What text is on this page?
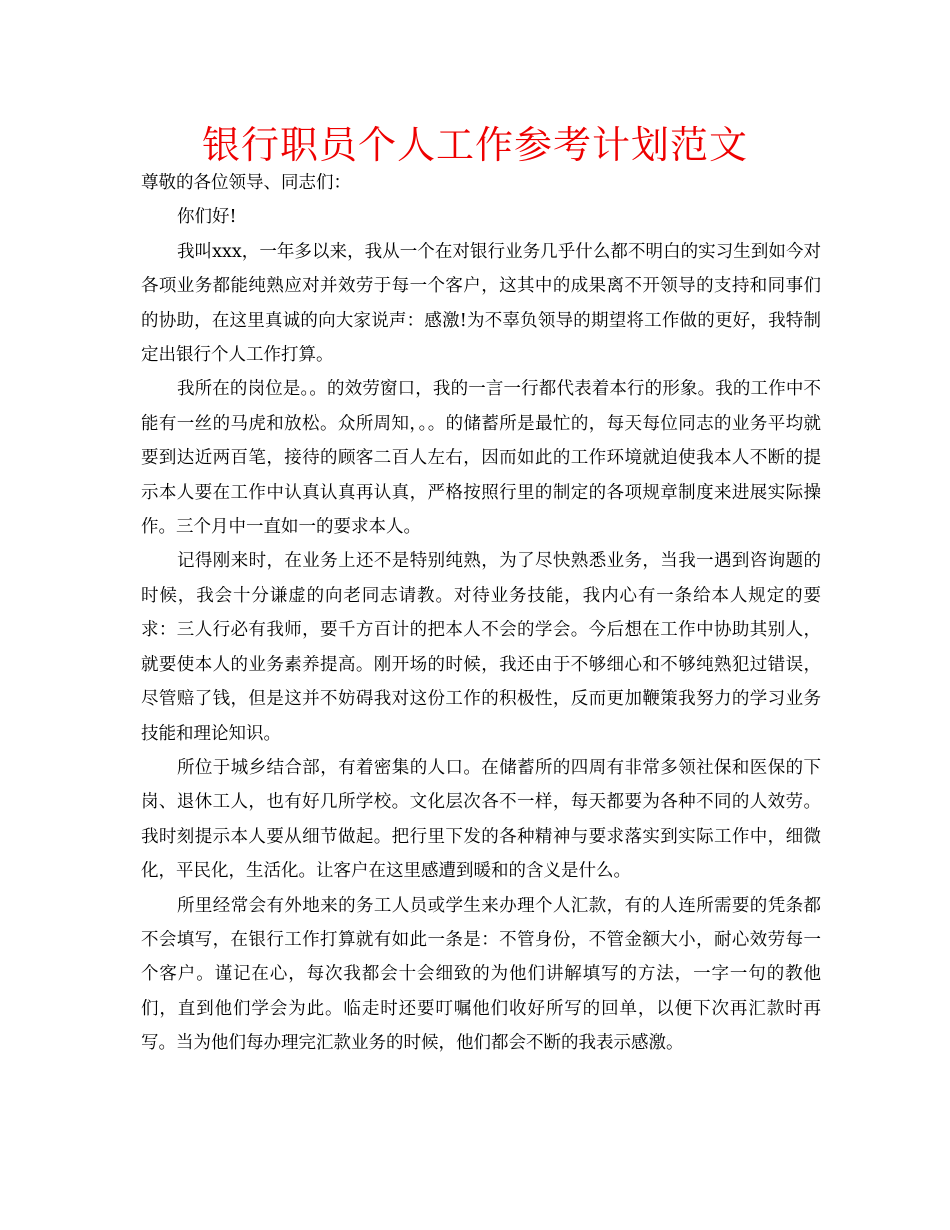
银行职员个人工作参考计划范文

尊敬的各位领导、同志们：

你们好!

我叫xxx，一年多以来，我从一个在对银行业务几乎什么都不明白的实习生到如今对各项业务都能纯熟应对并效劳于每一个客户，这其中的成果离不开领导的支持和同事们的协助，在这里真诚的向大家说声：感激!为不辜负领导的期望将工作做的更好，我特制定出银行个人工作打算。

我所在的岗位是。。的效劳窗口，我的一言一行都代表着本行的形象。我的工作中不能有一丝的马虎和放松。众所周知，。。的储蓄所是最忙的，每天每位同志的业务平均就要到达近两百笔，接待的顾客二百人左右，因而如此的工作环境就迫使我本人不断的提示本人要在工作中认真认真再认真，严格按照行里的制定的各项规章制度来进展实际操作。三个月中一直如一的要求本人。

记得刚来时，在业务上还不是特别纯熟，为了尽快熟悉业务，当我一遇到咨询题的时候，我会十分谦虚的向老同志请教。对待业务技能，我内心有一条给本人规定的要求：三人行必有我师，要千方百计的把本人不会的学会。今后想在工作中协助其别人，就要使本人的业务素养提高。刚开场的时候，我还由于不够细心和不够纯熟犯过错误，尽管赔了钱，但是这并不妨碍我对这份工作的积极性，反而更加鞭策我努力的学习业务技能和理论知识。

所位于城乡结合部，有着密集的人口。在储蓄所的四周有非常多领社保和医保的下岗、退休工人，也有好几所学校。文化层次各不一样，每天都要为各种不同的人效劳。我时刻提示本人要从细节做起。把行里下发的各种精神与要求落实到实际工作中，细微化，平民化，生活化。让客户在这里感遭到暖和的含义是什么。

所里经常会有外地来的务工人员或学生来办理个人汇款，有的人连所需要的凭条都不会填写，在银行工作打算就有如此一条是：不管身份，不管金额大小，耐心效劳每一个客户。谨记在心，每次我都会十会细致的为他们讲解填写的方法，一字一句的教他们，直到他们学会为此。临走时还要叮嘱他们收好所写的回单，以便下次再汇款时再写。当为他们每办理完汇款业务的时候，他们都会不断的我表示感激。
